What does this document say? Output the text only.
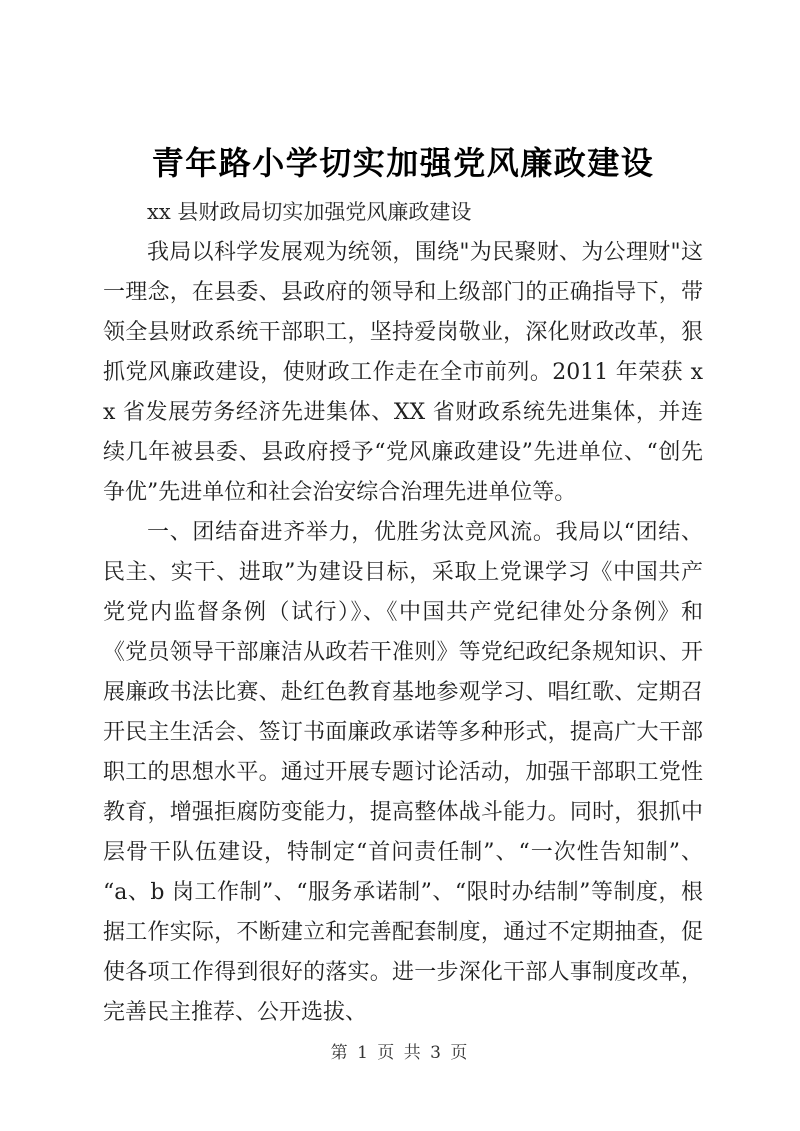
青年路小学切实加强党风廉政建设

xx 县财政局切实加强党风廉政建设

我局以科学发展观为统领，围绕"为民聚财、为公理财"这一理念，在县委、县政府的领导和上级部门的正确指导下，带领全县财政系统干部职工，坚持爱岗敬业，深化财政改革，狠抓党风廉政建设，使财政工作走在全市前列。2011 年荣获 xx 省发展劳务经济先进集体、XX 省财政系统先进集体，并连续几年被县委、县政府授予“党风廉政建设”先进单位、“创先争优”先进单位和社会治安综合治理先进单位等。

一、团结奋进齐举力，优胜劣汰竞风流。我局以“团结、民主、实干、进取”为建设目标，采取上党课学习《中国共产党党内监督条例（试行）》、《中国共产党纪律处分条例》和《党员领导干部廉洁从政若干准则》等党纪政纪条规知识、开展廉政书法比赛、赴红色教育基地参观学习、唱红歌、定期召开民主生活会、签订书面廉政承诺等多种形式，提高广大干部职工的思想水平。通过开展专题讨论活动，加强干部职工党性教育，增强拒腐防变能力，提高整体战斗能力。同时，狠抓中层骨干队伍建设，特制定“首问责任制”、“一次性告知制”、“a、b 岗工作制”、“服务承诺制”、“限时办结制”等制度，根据工作实际，不断建立和完善配套制度，通过不定期抽查，促使各项工作得到很好的落实。进一步深化干部人事制度改革，完善民主推荐、公开选拔、

第 1 页 共 3 页
